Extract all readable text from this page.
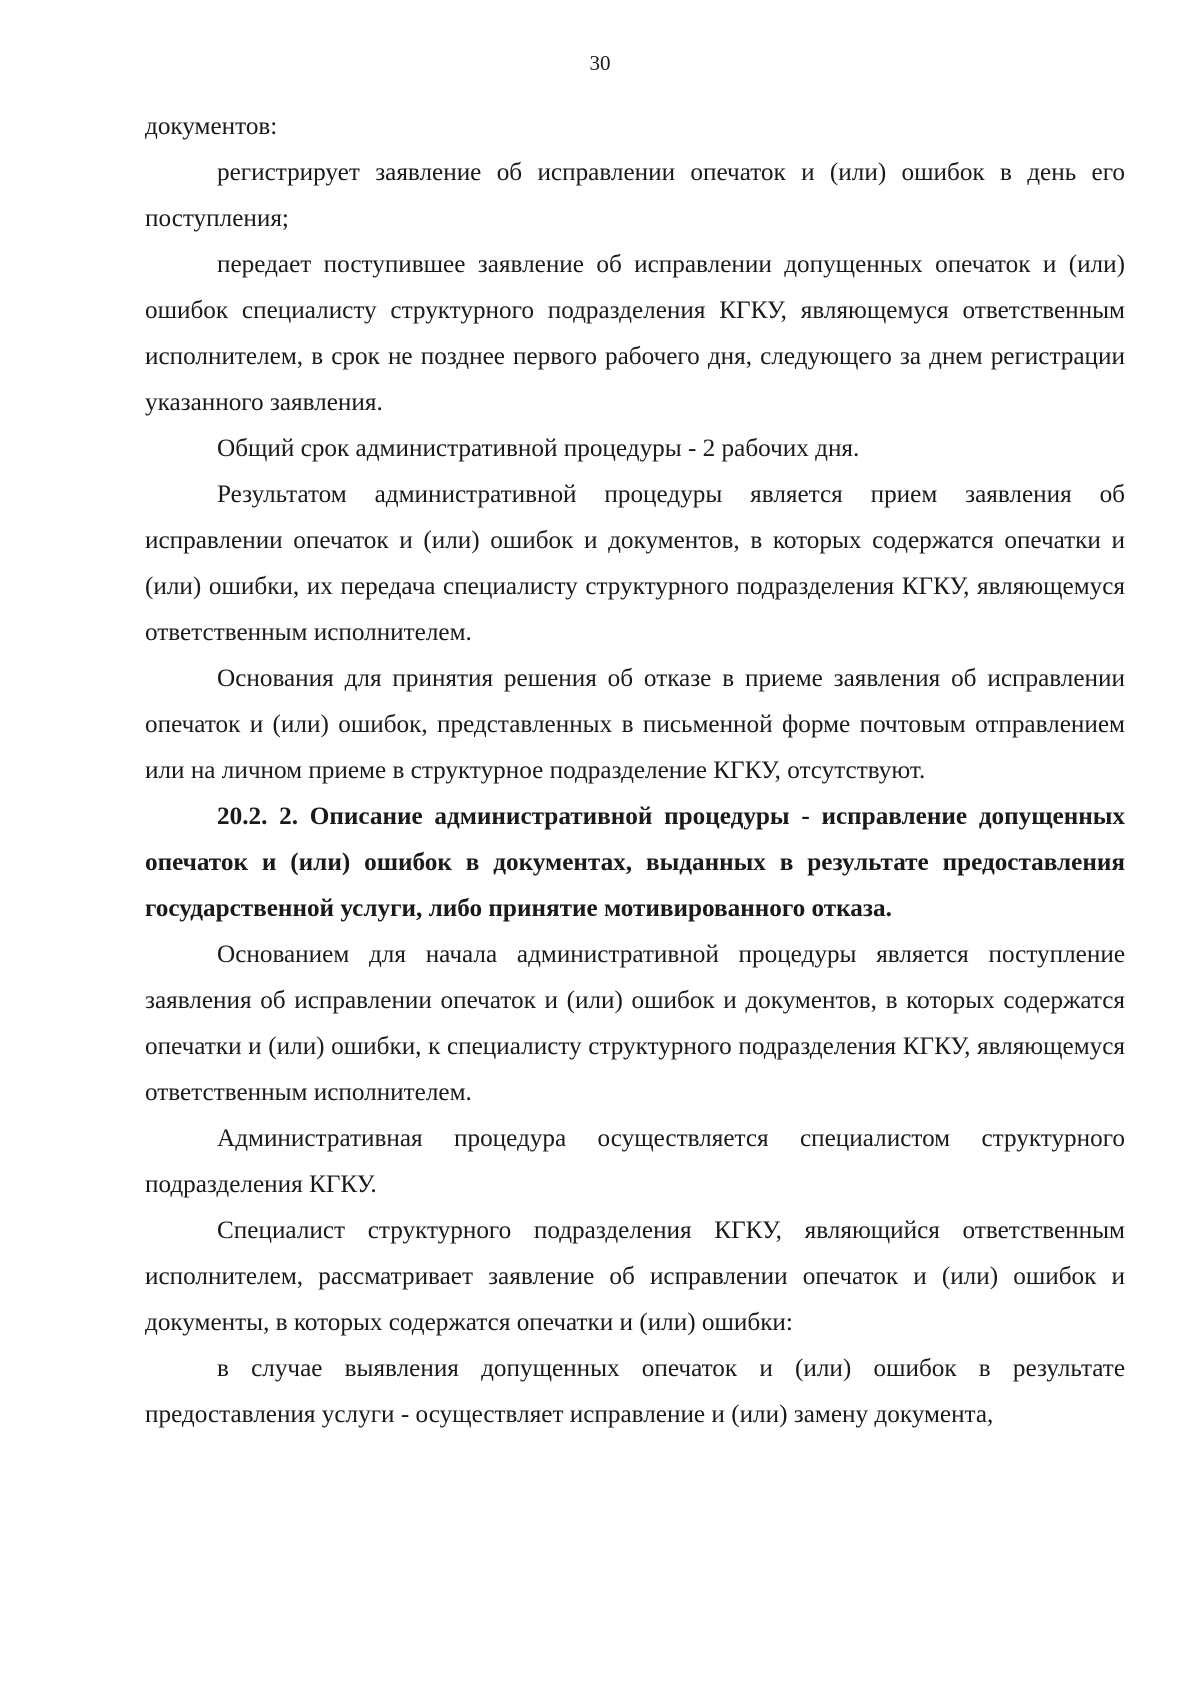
30

документов:

регистрирует заявление об исправлении опечаток и (или) ошибок в день его поступления;

передает поступившее заявление об исправлении допущенных опечаток и (или) ошибок специалисту структурного подразделения КГКУ, являющемуся ответственным исполнителем, в срок не позднее первого рабочего дня, следующего за днем регистрации указанного заявления.

Общий срок административной процедуры - 2 рабочих дня.

Результатом административной процедуры является прием заявления об исправлении опечаток и (или) ошибок и документов, в которых содержатся опечатки и (или) ошибки, их передача специалисту структурного подразделения КГКУ, являющемуся ответственным исполнителем.

Основания для принятия решения об отказе в приеме заявления об исправлении опечаток и (или) ошибок, представленных в письменной форме почтовым отправлением или на личном приеме в структурное подразделение КГКУ, отсутствуют.

20.2. 2. Описание административной процедуры - исправление допущенных опечаток и (или) ошибок в документах, выданных в результате предоставления государственной услуги, либо принятие мотивированного отказа.

Основанием для начала административной процедуры является поступление заявления об исправлении опечаток и (или) ошибок и документов, в которых содержатся опечатки и (или) ошибки, к специалисту структурного подразделения КГКУ, являющемуся ответственным исполнителем.

Административная процедура осуществляется специалистом структурного подразделения КГКУ.

Специалист структурного подразделения КГКУ, являющийся ответственным исполнителем, рассматривает заявление об исправлении опечаток и (или) ошибок и документы, в которых содержатся опечатки и (или) ошибки:

в случае выявления допущенных опечаток и (или) ошибок в результате предоставления услуги - осуществляет исправление и (или) замену документа,
